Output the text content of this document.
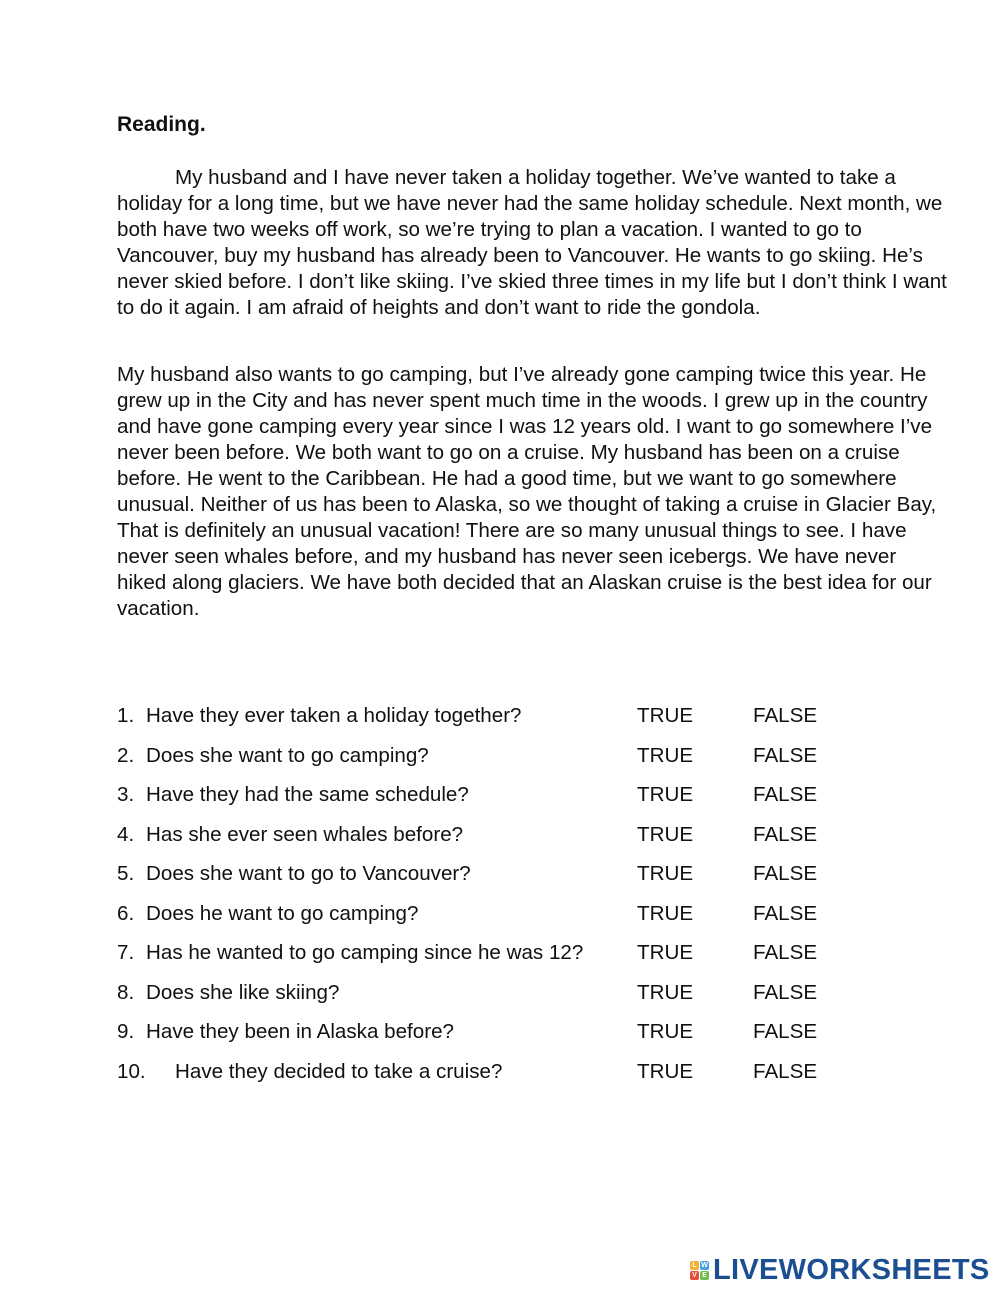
Reading.

My husband and I have never taken a holiday together. We’ve wanted to take a holiday for a long time, but we have never had the same holiday schedule. Next month, we both have two weeks off work, so we’re trying to plan a vacation. I wanted to go to Vancouver, buy my husband has already been to Vancouver. He wants to go skiing. He’s never skied before. I don’t like skiing. I’ve skied three times in my life but I don’t think I want to do it again. I am afraid of heights and don’t want to ride the gondola.

My husband also wants to go camping, but I’ve already gone camping twice this year. He grew up in the City and has never spent much time in the woods. I grew up in the country and have gone camping every year since I was 12 years old. I want to go somewhere I’ve never been before. We both want to go on a cruise. My husband has been on a cruise before. He went to the Caribbean. He had a good time, but we want to go somewhere unusual. Neither of us has been to Alaska, so we thought of taking a cruise in Glacier Bay, That is definitely an unusual vacation! There are so many unusual things to see. I have never seen whales before, and my husband has never seen icebergs. We have never hiked along glaciers. We have both decided that an Alaskan cruise is the best idea for our vacation.

1. Have they ever taken a holiday together?	TRUE	FALSE
2. Does she want to go camping?	TRUE	FALSE
3. Have they had the same schedule?	TRUE	FALSE
4. Has she ever seen whales before?	TRUE	FALSE
5. Does she want to go to Vancouver?	TRUE	FALSE
6. Does he want to go camping?	TRUE	FALSE
7. Has he wanted to go camping since he was 12?	TRUE	FALSE
8. Does she like skiing?	TRUE	FALSE
9. Have they been in Alaska before?	TRUE	FALSE
10. Have they decided to take a cruise?	TRUE	FALSE
L W
V E LIVEWORKSHEETS
